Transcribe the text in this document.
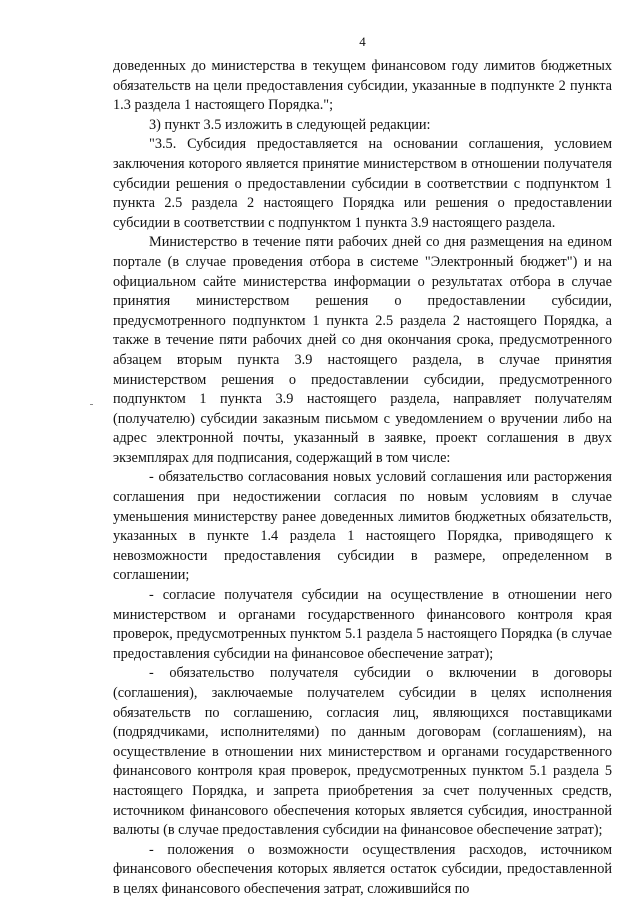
4

доведенных до министерства в текущем финансовом году лимитов бюджетных обязательств на цели предоставления субсидии, указанные в подпункте 2 пункта 1.3 раздела 1 настоящего Порядка.";

3) пункт 3.5 изложить в следующей редакции:

"3.5. Субсидия предоставляется на основании соглашения, условием заключения которого является принятие министерством в отношении получателя субсидии решения о предоставлении субсидии в соответствии с подпунктом 1 пункта 2.5 раздела 2 настоящего Порядка или решения о предоставлении субсидии в соответствии с подпунктом 1 пункта 3.9 настоящего раздела.

Министерство в течение пяти рабочих дней со дня размещения на едином портале (в случае проведения отбора в системе "Электронный бюджет") и на официальном сайте министерства информации о результатах отбора в случае принятия министерством решения о предоставлении субсидии, предусмотренного подпунктом 1 пункта 2.5 раздела 2 настоящего Порядка, а также в течение пяти рабочих дней со дня окончания срока, предусмотренного абзацем вторым пункта 3.9 настоящего раздела, в случае принятия министерством решения о предоставлении субсидии, предусмотренного подпунктом 1 пункта 3.9 настоящего раздела, направляет получателям (получателю) субсидии заказным письмом с уведомлением о вручении либо на адрес электронной почты, указанный в заявке, проект соглашения в двух экземплярах для подписания, содержащий в том числе:

- обязательство согласования новых условий соглашения или расторжения соглашения при недостижении согласия по новым условиям в случае уменьшения министерству ранее доведенных лимитов бюджетных обязательств, указанных в пункте 1.4 раздела 1 настоящего Порядка, приводящего к невозможности предоставления субсидии в размере, определенном в соглашении;

- согласие получателя субсидии на осуществление в отношении него министерством и органами государственного финансового контроля края проверок, предусмотренных пунктом 5.1 раздела 5 настоящего Порядка (в случае предоставления субсидии на финансовое обеспечение затрат);

- обязательство получателя субсидии о включении в договоры (соглашения), заключаемые получателем субсидии в целях исполнения обязательств по соглашению, согласия лиц, являющихся поставщиками (подрядчиками, исполнителями) по данным договорам (соглашениям), на осуществление в отношении них министерством и органами государственного финансового контроля края проверок, предусмотренных пунктом 5.1 раздела 5 настоящего Порядка, и запрета приобретения за счет полученных средств, источником финансового обеспечения которых является субсидия, иностранной валюты (в случае предоставления субсидии на финансовое обеспечение затрат);

- положения о возможности осуществления расходов, источником финансового обеспечения которых является остаток субсидии, предоставленной в целях финансового обеспечения затрат, сложившийся по
